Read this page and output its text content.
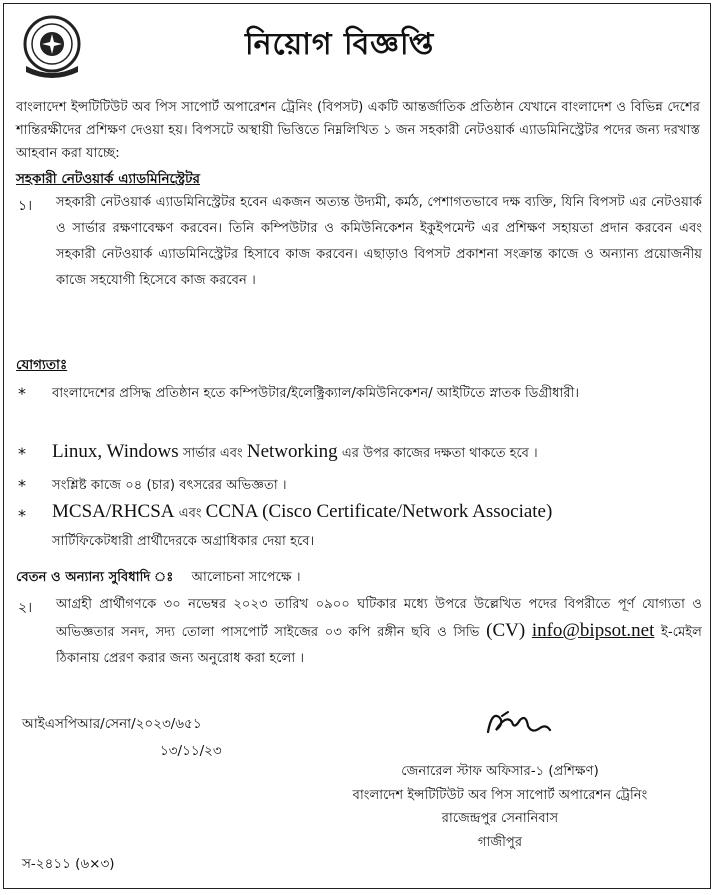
নিয়োগ বিজ্ঞপ্তি
বাংলাদেশ ইন্সটিটিউট অব পিস সাপোর্ট অপারেশন ট্রেনিং (বিপসট) একটি আন্তর্জাতিক প্রতিষ্ঠান যেখানে বাংলাদেশ ও বিভিন্ন দেশের শান্তিরক্ষীদের প্রশিক্ষণ দেওয়া হয়। বিপসটে অস্থায়ী ভিত্তিতে নিম্নলিখিত ১ জন সহকারী নেটওয়ার্ক এ্যাডমিনিস্ট্রেটর পদের জন্য দরখাস্ত আহবান করা যাচ্ছে:
সহকারী নেটওয়ার্ক এ্যাডমিনিস্ট্রেটর
১। সহকারী নেটওয়ার্ক এ্যাডমিনিস্ট্রেটর হবেন একজন অত্যন্ত উদ্যমী, কর্মঠ, পেশাগতভাবে দক্ষ ব্যক্তি, যিনি বিপসট এর নেটওয়ার্ক ও সার্ভার রক্ষণাবেক্ষণ করবেন। তিনি কম্পিউটার ও কমিউনিকেশন ইকুইপমেন্ট এর প্রশিক্ষণ সহায়তা প্রদান করবেন এবং সহকারী নেটওয়ার্ক এ্যাডমিনিস্ট্রেটর হিসাবে কাজ করবেন। এছাড়াও বিপসট প্রকাশনা সংক্রান্ত কাজে ও অন্যান্য প্রয়োজনীয় কাজে সহযোগী হিসেবে কাজ করবেন ।
যোগ্যতাঃ
* বাংলাদেশের প্রসিদ্ধ প্রতিষ্ঠান হতে কম্পিউটার/ইলেক্ট্রিক্যাল/কমিউনিকেশন/ আইটিতে স্নাতক ডিগ্রীধারী।
* Linux, Windows সার্ভার এবং Networking এর উপর কাজের দক্ষতা থাকতে হবে ।
* সংশ্লিষ্ট কাজে ০৪ (চার) বৎসরের অভিজ্ঞতা ।
* MCSA/RHCSA এবং CCNA (Cisco Certificate/Network Associate)
সার্টিফিকেটধারী প্রার্থীদেরকে অগ্রাধিকার দেয়া হবে।
বেতন ও অন্যান্য সুবিধাদি ঃ আলোচনা সাপেক্ষে ।
২। আগ্রহী প্রার্থীগণকে ৩০ নভেম্বর ২০২৩ তারিখ ০৯০০ ঘটিকার মধ্যে উপরে উল্লেখিত পদের বিপরীতে পূর্ণ যোগ্যতা ও অভিজ্ঞতার সনদ, সদ্য তোলা পাসপোর্ট সাইজের ০৩ কপি রঙ্গীন ছবি ও সিভি (CV) info@bipsot.net ই-মেইল ঠিকানায় প্রেরণ করার জন্য অনুরোধ করা হলো ।
আইএসপিআর/সেনা/২০২৩/৬৫১
১৩/১১/২৩
জেনারেল স্টাফ অফিসার-১ (প্রশিক্ষণ)
বাংলাদেশ ইন্সটিটিউট অব পিস সাপোর্ট অপারেশন ট্রেনিং
রাজেন্দ্রপুর সেনানিবাস
গাজীপুর
স-২৪১১ (৬×৩)
